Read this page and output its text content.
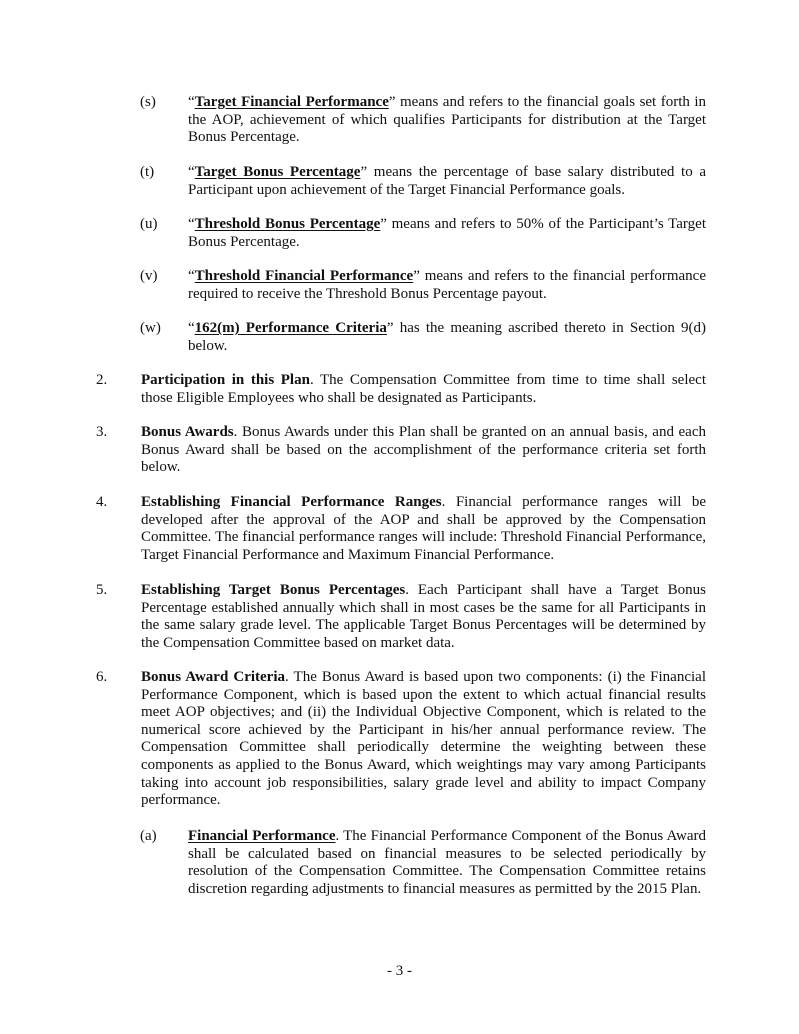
(s)	“Target Financial Performance” means and refers to the financial goals set forth in the AOP, achievement of which qualifies Participants for distribution at the Target Bonus Percentage.
(t)	“Target Bonus Percentage” means the percentage of base salary distributed to a Participant upon achievement of the Target Financial Performance goals.
(u)	“Threshold Bonus Percentage” means and refers to 50% of the Participant’s Target Bonus Percentage.
(v)	“Threshold Financial Performance” means and refers to the financial performance required to receive the Threshold Bonus Percentage payout.
(w)	“162(m) Performance Criteria” has the meaning ascribed thereto in Section 9(d) below.
2.	Participation in this Plan. The Compensation Committee from time to time shall select those Eligible Employees who shall be designated as Participants.
3.	Bonus Awards. Bonus Awards under this Plan shall be granted on an annual basis, and each Bonus Award shall be based on the accomplishment of the performance criteria set forth below.
4.	Establishing Financial Performance Ranges. Financial performance ranges will be developed after the approval of the AOP and shall be approved by the Compensation Committee. The financial performance ranges will include: Threshold Financial Performance, Target Financial Performance and Maximum Financial Performance.
5.	Establishing Target Bonus Percentages. Each Participant shall have a Target Bonus Percentage established annually which shall in most cases be the same for all Participants in the same salary grade level. The applicable Target Bonus Percentages will be determined by the Compensation Committee based on market data.
6.	Bonus Award Criteria. The Bonus Award is based upon two components: (i) the Financial Performance Component, which is based upon the extent to which actual financial results meet AOP objectives; and (ii) the Individual Objective Component, which is related to the numerical score achieved by the Participant in his/her annual performance review. The Compensation Committee shall periodically determine the weighting between these components as applied to the Bonus Award, which weightings may vary among Participants taking into account job responsibilities, salary grade level and ability to impact Company performance.
(a)	Financial Performance. The Financial Performance Component of the Bonus Award shall be calculated based on financial measures to be selected periodically by resolution of the Compensation Committee. The Compensation Committee retains discretion regarding adjustments to financial measures as permitted by the 2015 Plan.
- 3 -
